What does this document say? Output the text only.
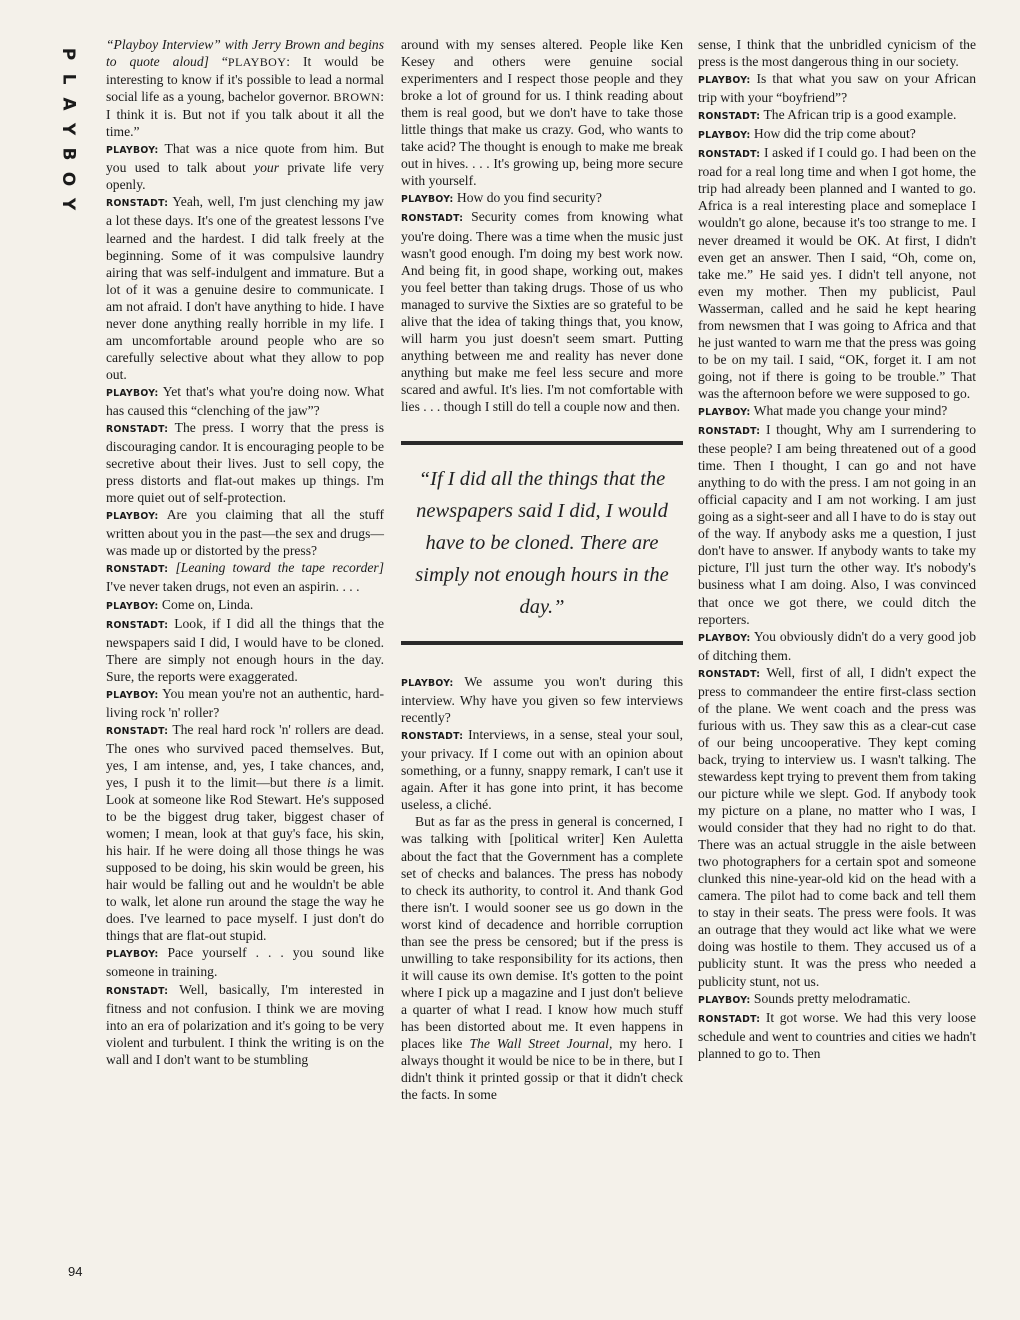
P
L
A
Y
B
O
Y
94

“Playboy Interview” with Jerry Brown and begins to quote aloud] “PLAYBOY: It would be interesting to know if it's possible to lead a normal social life as a young, bachelor governor. BROWN: I think it is. But not if you talk about it all the time.”

PLAYBOY: That was a nice quote from him. But you used to talk about your private life very openly.

RONSTADT: Yeah, well, I'm just clenching my jaw a lot these days. It's one of the greatest lessons I've learned and the hardest. I did talk freely at the beginning. Some of it was compulsive laundry airing that was self-indulgent and immature. But a lot of it was a genuine desire to communicate. I am not afraid. I don't have anything to hide. I have never done anything really horrible in my life. I am uncomfortable around people who are so carefully selective about what they allow to pop out.

PLAYBOY: Yet that's what you're doing now. What has caused this “clenching of the jaw”?

RONSTADT: The press. I worry that the press is discouraging candor. It is encouraging people to be secretive about their lives. Just to sell copy, the press distorts and flat-out makes up things. I'm more quiet out of self-protection.

PLAYBOY: Are you claiming that all the stuff written about you in the past—the sex and drugs—was made up or distorted by the press?

RONSTADT: [Leaning toward the tape recorder] I've never taken drugs, not even an aspirin. . . .

PLAYBOY: Come on, Linda.

RONSTADT: Look, if I did all the things that the newspapers said I did, I would have to be cloned. There are simply not enough hours in the day. Sure, the reports were exaggerated.

PLAYBOY: You mean you're not an authentic, hard-living rock 'n' roller?

RONSTADT: The real hard rock 'n' rollers are dead. The ones who survived paced themselves. But, yes, I am intense, and, yes, I take chances, and, yes, I push it to the limit—but there is a limit. Look at someone like Rod Stewart. He's supposed to be the biggest drug taker, biggest chaser of women; I mean, look at that guy's face, his skin, his hair. If he were doing all those things he was supposed to be doing, his skin would be green, his hair would be falling out and he wouldn't be able to walk, let alone run around the stage the way he does. I've learned to pace myself. I just don't do things that are flat-out stupid.

PLAYBOY: Pace yourself . . . you sound like someone in training.

RONSTADT: Well, basically, I'm interested in fitness and not confusion. I think we are moving into an era of polarization and it's going to be very violent and turbulent. I think the writing is on the wall and I don't want to be stumbling

around with my senses altered. People like Ken Kesey and others were genuine social experimenters and I respect those people and they broke a lot of ground for us. I think reading about them is real good, but we don't have to take those little things that make us crazy. God, who wants to take acid? The thought is enough to make me break out in hives. . . . It's growing up, being more secure with yourself.

PLAYBOY: How do you find security?

RONSTADT: Security comes from knowing what you're doing. There was a time when the music just wasn't good enough. I'm doing my best work now. And being fit, in good shape, working out, makes you feel better than taking drugs. Those of us who managed to survive the Sixties are so grateful to be alive that the idea of taking things that, you know, will harm you just doesn't seem smart. Putting anything between me and reality has never done anything but make me feel less secure and more scared and awful. It's lies. I'm not comfortable with lies . . . though I still do tell a couple now and then.

“If I did all the things that the newspapers said I did, I would have to be cloned. There are simply not enough hours in the day.”

PLAYBOY: We assume you won't during this interview. Why have you given so few interviews recently?

RONSTADT: Interviews, in a sense, steal your soul, your privacy. If I come out with an opinion about something, or a funny, snappy remark, I can't use it again. After it has gone into print, it has become useless, a cliché.

But as far as the press in general is concerned, I was talking with [political writer] Ken Auletta about the fact that the Government has a complete set of checks and balances. The press has nobody to check its authority, to control it. And thank God there isn't. I would sooner see us go down in the worst kind of decadence and horrible corruption than see the press be censored; but if the press is unwilling to take responsibility for its actions, then it will cause its own demise. It's gotten to the point where I pick up a magazine and I just don't believe a quarter of what I read. I know how much stuff has been distorted about me. It even happens in places like The Wall Street Journal, my hero. I always thought it would be nice to be in there, but I didn't think it printed gossip or that it didn't check the facts. In some

sense, I think that the unbridled cynicism of the press is the most dangerous thing in our society.

PLAYBOY: Is that what you saw on your African trip with your “boyfriend”?

RONSTADT: The African trip is a good example.

PLAYBOY: How did the trip come about?

RONSTADT: I asked if I could go. I had been on the road for a real long time and when I got home, the trip had already been planned and I wanted to go. Africa is a real interesting place and someplace I wouldn't go alone, because it's too strange to me. I never dreamed it would be OK. At first, I didn't even get an answer. Then I said, “Oh, come on, take me.” He said yes. I didn't tell anyone, not even my mother. Then my publicist, Paul Wasserman, called and he said he kept hearing from newsmen that I was going to Africa and that he just wanted to warn me that the press was going to be on my tail. I said, “OK, forget it. I am not going, not if there is going to be trouble.” That was the afternoon before we were supposed to go.

PLAYBOY: What made you change your mind?

RONSTADT: I thought, Why am I surrendering to these people? I am being threatened out of a good time. Then I thought, I can go and not have anything to do with the press. I am not going in an official capacity and I am not working. I am just going as a sight-seer and all I have to do is stay out of the way. If anybody asks me a question, I just don't have to answer. If anybody wants to take my picture, I'll just turn the other way. It's nobody's business what I am doing. Also, I was convinced that once we got there, we could ditch the reporters.

PLAYBOY: You obviously didn't do a very good job of ditching them.

RONSTADT: Well, first of all, I didn't expect the press to commandeer the entire first-class section of the plane. We went coach and the press was furious with us. They saw this as a clear-cut case of our being uncooperative. They kept coming back, trying to interview us. I wasn't talking. The stewardess kept trying to prevent them from taking our picture while we slept. God. If anybody took my picture on a plane, no matter who I was, I would consider that they had no right to do that. There was an actual struggle in the aisle between two photographers for a certain spot and someone clunked this nine-year-old kid on the head with a camera. The pilot had to come back and tell them to stay in their seats. The press were fools. It was an outrage that they would act like what we were doing was hostile to them. They accused us of a publicity stunt. It was the press who needed a publicity stunt, not us.

PLAYBOY: Sounds pretty melodramatic.

RONSTADT: It got worse. We had this very loose schedule and went to countries and cities we hadn't planned to go to. Then
